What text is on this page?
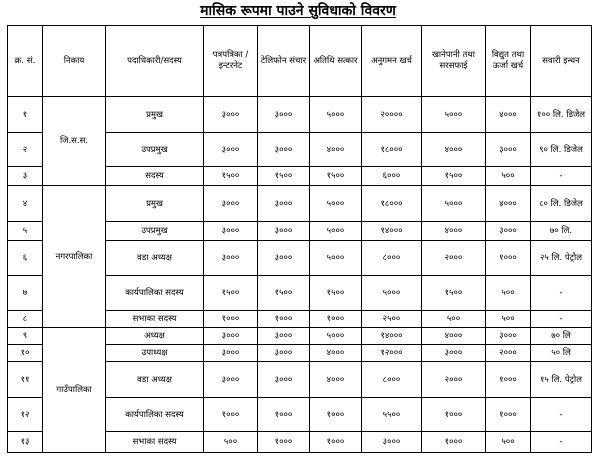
मासिक रूपमा पाउने सुविधाको विवरण
क्र. सं.	निकाय	पदाधिकारी/सदस्य	पत्रपत्रिका /इन्टरनेट	टेलिफोन संचार	अतिथि सत्कार	अनुगमन खर्च	खानेपानी तथा सरसफाई	विद्युत तथा ऊर्जा खर्च	सवारी इन्धन
१	जि.स.स.	प्रमुख	३०००	३०००	५०००	२००००	५०००	४०००	१०० लि. डिजेल
२		उपप्रमुख	३०००	३०००	४०००	१८०००	४०००	३०००	९० लि. डिजेल
३		सदस्य	१५००	१५००	१५००	६०००	१५००	५००	-
४	नगरपालिका	प्रमुख	३०००	३०००	५०००	१८०००	५०००	४०००	८० लि. डिजेल
५		उपप्रमुख	३०००	३०००	५०००	१४०००	४०००	३०००	७० लि.
६		वडा अध्यक्ष	३०००	३०००	५०००	८०००	२०००	१०००	२५ लि. पेट्रोल
७		कार्यपालिका सदस्य	१५००	१५००	१५००	५०००	१५००	५००	-
८		सभाका सदस्य	१०००	१०००	१०००	२५००	५००	५००	-
९	गाउँपालिका	अध्यक्ष	३०००	३०००	५०००	१४०००	४०००	३०००	७० लि
१०		उपाध्यक्ष	३०००	३०००	४०००	१२०००	३०००	२०००	५० लि
११		वडा अध्यक्ष	३०००	३०००	४०००	८०००	२०००	१०००	१५ लि. पेट्रोल
१२		कार्यपालिका सदस्य	१०००	१०००	१०००	५५००	१०००	१०००	-
१३		सभाका सदस्य	५००	१०००	१०००	३०००	१०००	५००	-
